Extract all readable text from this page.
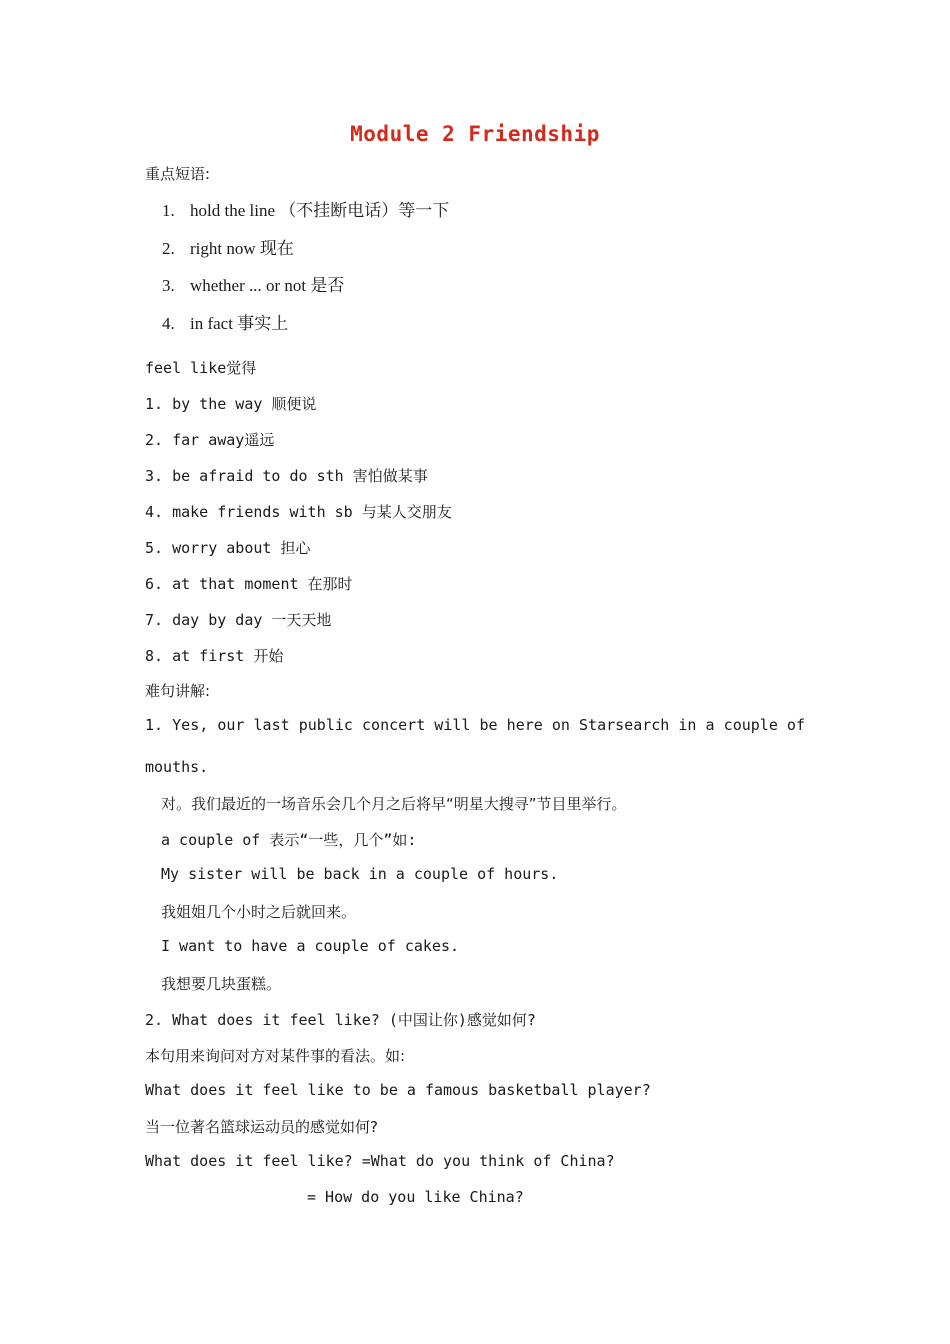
Module 2 Friendship
重点短语:
1. hold the line （不挂断电话）等一下
2. right now 现在
3. whether ... or not 是否
4. in fact 事实上
feel like觉得
1. by the way 顺便说
2. far away遥远
3. be afraid to do sth 害怕做某事
4. make friends with sb 与某人交朋友
5. worry about 担心
6. at that moment 在那时
7. day by day 一天天地
8. at first 开始
难句讲解:
1. Yes, our last public concert will be here on Starsearch in a couple of
mouths.
对。我们最近的一场音乐会几个月之后将早“明星大搜寻”节目里举行。
a couple of 表示“一些，几个”如:
My sister will be back in a couple of hours.
我姐姐几个小时之后就回来。
I want to have a couple of cakes.
我想要几块蛋糕。
2. What does it feel like? (中国让你)感觉如何?
本句用来询问对方对某件事的看法。如:
What does it feel like to be a famous basketball player?
当一位著名篮球运动员的感觉如何?
What does it feel like? =What do you think of China?
= How do you like China?
